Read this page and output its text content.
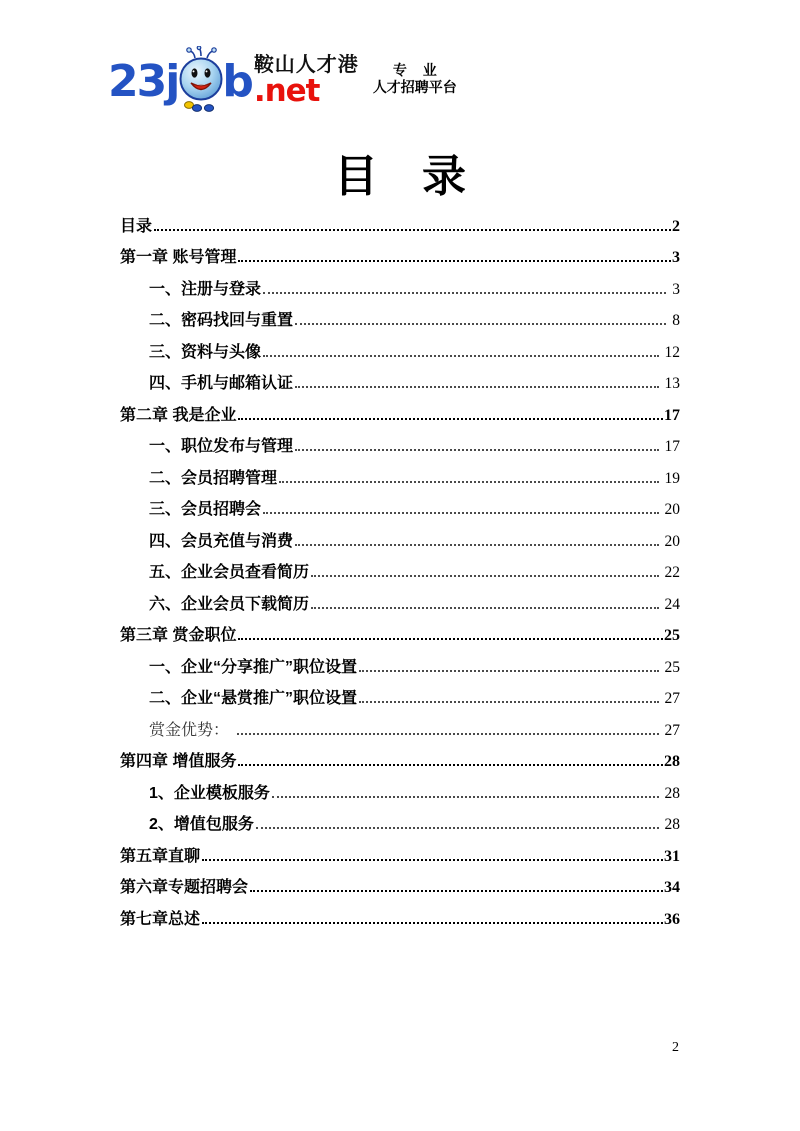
23j b 鞍山人才港
.net
专 业
人才招聘平台
目　录
目录	2
第一章 账号管理	3
一、注册与登录	3
二、密码找回与重置	8
三、资料与头像	12
四、手机与邮箱认证	13
第二章 我是企业	17
一、职位发布与管理	17
二、会员招聘管理	19
三、会员招聘会	20
四、会员充值与消费	20
五、企业会员查看简历	22
六、企业会员下载简历	24
第三章 赏金职位	25
一、企业“分享推广”职位设置	25
二、企业“悬赏推广”职位设置	27
赏金优势：	27
第四章 增值服务	28
1、企业模板服务	28
2、增值包服务	28
第五章直聊	31
第六章专题招聘会	34
第七章总述	36
2
